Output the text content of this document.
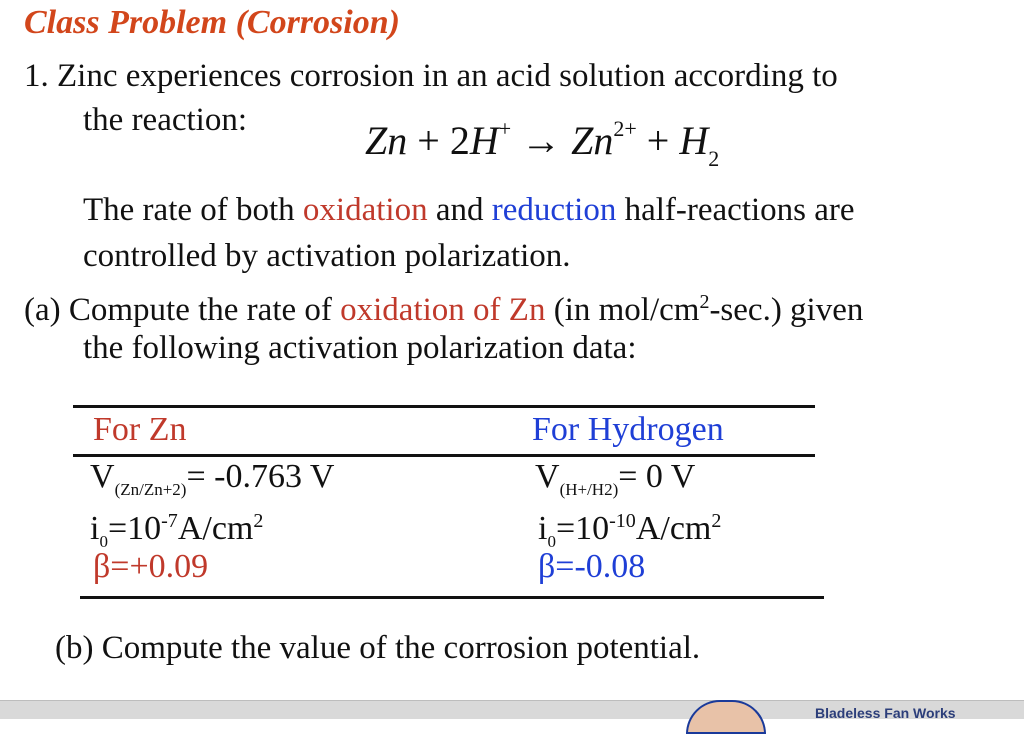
Class Problem (Corrosion)
1. Zinc experiences corrosion in an acid solution according to
the reaction:	$Zn + 2H^+ \to Zn^{2+} + H_2$
The rate of both oxidation and reduction half-reactions are
controlled by activation polarization.
(a) Compute the rate of oxidation of Zn (in mol/$cm^2-\sec$.) given
the following activation polarization data:
For Zn	For Hydrogen
$V_{(Zn/Zn+2)}= -0.763$ V	$V_{(H+/H2)}= 0$ V
$i_0=10^{-7}A/cm^2$	$i_0=10^{-10}A/cm^2$
β=+0.09	β=-0.08
(b) Compute the value of the corrosion potential.
Bladeless Fan Works
